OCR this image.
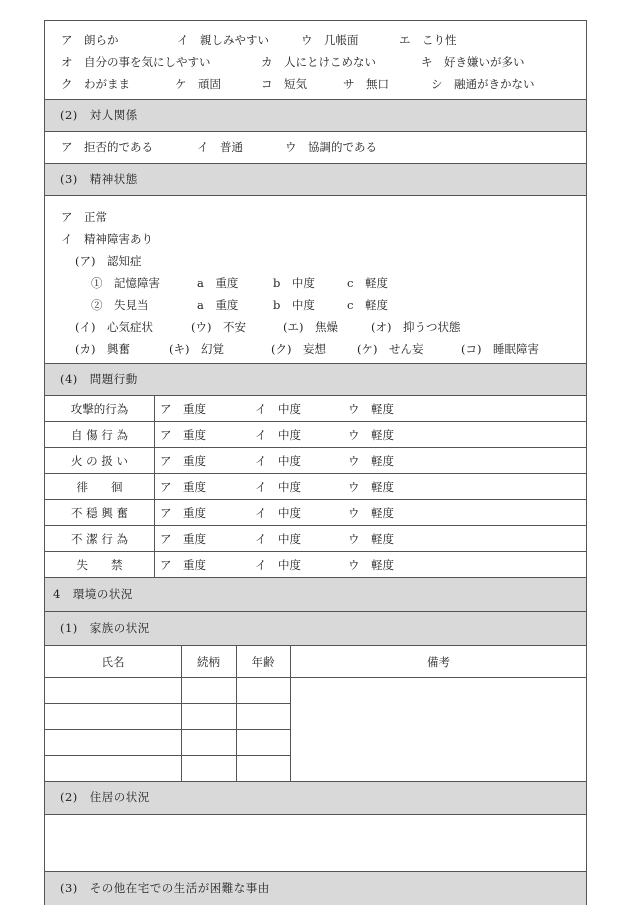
ア　朗らか	イ　親しみやすい	ウ　几帳面	エ　こり性
オ　自分の事を気にしやすい	カ　人にとけこめない	キ　好き嫌いが多い
ク　わがまま	ケ　頑固	コ　短気	サ　無口	シ　融通がきかない
(2)　対人関係
ア　拒否的である	イ　普通	ウ　協調的である
(3)　精神状態
ア　正常
イ　精神障害あり
(ア)　認知症
①　記憶障害	a　重度	b　中度	c　軽度
②　失見当	a　重度	b　中度	c　軽度
(イ)　心気症状	(ウ)　不安	(エ)　焦燥	(オ)　抑うつ状態
(カ)　興奮	(キ)　幻覚	(ク)　妄想	(ケ)　せん妄	(コ)　睡眠障害
(4)　問題行動
攻撃的行為	ア　重度	イ　中度	ウ　軽度
自 傷 行 為	ア　重度	イ　中度	ウ　軽度
火 の 扱 い	ア　重度	イ　中度	ウ　軽度
徘　　徊	ア　重度	イ　中度	ウ　軽度
不 穏 興 奮	ア　重度	イ　中度	ウ　軽度
不 潔 行 為	ア　重度	イ　中度	ウ　軽度
失　　禁	ア　重度	イ　中度	ウ　軽度
4　環境の状況
(1)　家族の状況
氏名	続柄	年齢	備考
(2)　住居の状況
(3)　その他在宅での生活が困難な事由
